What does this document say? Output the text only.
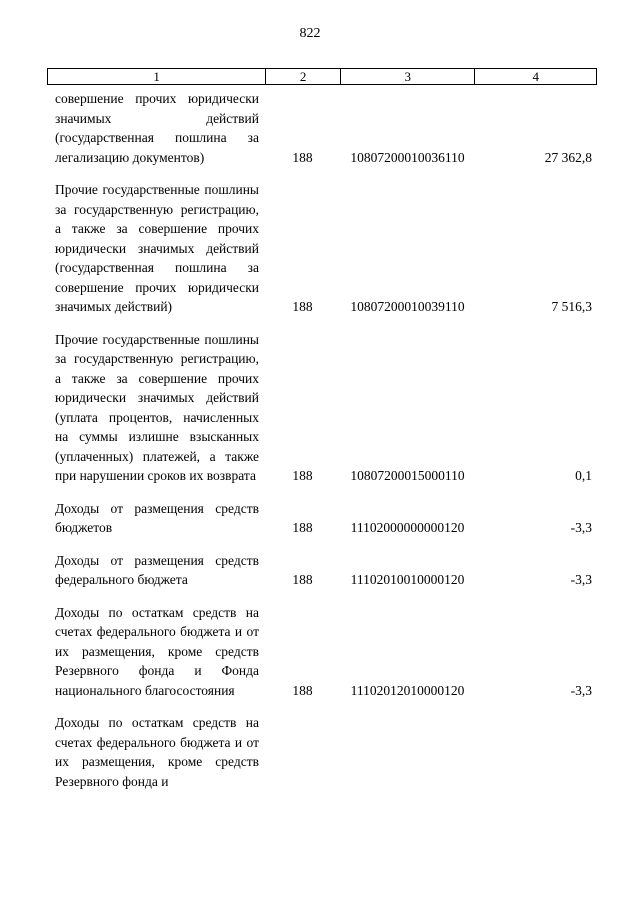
822
1	2	3	4

совершение прочих юридически значимых действий (государственная пошлина за легализацию документов)	188	10807200010036110	27 362,8

Прочие государственные пошлины за государственную регистрацию, а также за совершение прочих юридически значимых действий (государственная пошлина за совершение прочих юридически значимых действий)	188	10807200010039110	7 516,3

Прочие государственные пошлины за государственную регистрацию, а также за совершение прочих юридически значимых действий (уплата процентов, начисленных на суммы излишне взысканных (уплаченных) платежей, а также при нарушении сроков их возврата	188	10807200015000110	0,1

Доходы от размещения средств бюджетов	188	11102000000000120	-3,3

Доходы от размещения средств федерального бюджета	188	11102010010000120	-3,3

Доходы по остаткам средств на счетах федерального бюджета и от их размещения, кроме средств Резервного фонда и Фонда национального благосостояния	188	11102012010000120	-3,3

Доходы по остаткам средств на счетах федерального бюджета и от их размещения, кроме средств Резервного фонда и
